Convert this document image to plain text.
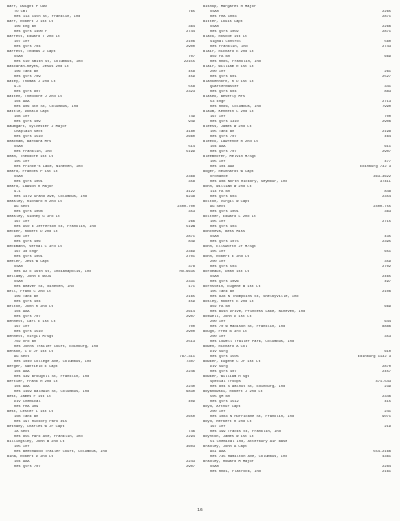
Barr, Dwight P CWO
TO Cml	765
Res 113 14th St, Franklin, Ind
Barr, Robert J 1st Lt
106 Eng Bn	364
Res Qtrs 1400 F	2744
Barrett, Edward T 2nd Lt
107 Inf	2106
Res Qtrs 704	2900
Barrett, Thomas J Capt
USAR	707
Res 510 Smith St, Columbus, Ind	22155
Bascaran-Reyes, Jesus 2nd Lt
106 Tank Bn	458
Res Qtrs 709	459
Batey, Thomas J 2nd Lt
G-3	558
Res Qtrs 807	2323
Batten, Theodore J 2nd Lt
104 AAA
Res 906 4th St, Columbus, Ind
Battle, Donald Capt
108 Inf	749
Res Qtrs 409	949
Baumgart, Sylvester J Major
Chaplain Sect	3180
Res Qtrs 1510	2660
Beacham, Barbara Mrs
USAR	514
Res Franklin, Ind	5199
Bean, Theodore 1st Lt
105 Inf
Res Prince's Lake, Nineveh, Ind
Beard, Frances P 1st Lt
USAR	2368
Res Qtrs 1001	358
Beard, Lawson R Major
G-1	3122
Res 1479 Grand Ave, Columbus, Ind	6238
Beasley, Richard H 2nd Lt
AG Sect	2400-700
Res Qtrs 1008	353
Beasley, Sidney G 3rd Lt
167 Inf	266
Res 950 E Jefferson St, Franklin, Ind	519W
Becker, Robert D 2nd Lt
106 Inf	2871
Res Qtrs 406	849
Beckmann, Vernal C 3rd Lt
167 3d Engr	2369
Res Qtrs 1001	2701
Beeler, Jess W Capt
USAR	378
Res 92 E 16th St, Indianapolis, Ind	HU-6635
Bellamy, John E WOJG
USAR	2331
Res Beaver St, Nineveh, Ind	171
Bell, Frank C 2nd Lt
106 Tank Bn	2165
Res Qtrs 404	459
Belton, John R 2nd Lt
104 AAA	2614
Res Qtrs 707	2907
Bennett, Carl E 1st Lt
167 Inf	700
Res Qtrs 1510	2900
Bennett, Virgil M/Sgt
702 Ord Bn	2513
Res Johns Trailer Court, Edinburg, Ind
Benson, C D Jr 1st Lt
AG Sect	787-311
Res 1040 College Ave, Columbus, Ind	7307
Berger, Sanfield E Capt
104 AAA	2246
Res 439 Broughll St, Franklin, Ind
Bertier, Frank H 2nd Lt
104 AAA	2240
Res 1469 Baldwin St, Columbus, Ind	6830
Best, James F 1st Lt
Div Chemical	409
Res FHA 309
Best, Lester L 1st Lt
108 Tank Bn	2650
Res 197 Hickory Park #15
Bethany, Charles W Jr Capt
IA Sect	746
Res 855 Park Ave, Franklin, Ind	2294
Billingsley, John W 2nd Lt
105 Inf	3603
Res Beechwood Trailer Court, Columbus, Ind
Bina, Robert D 2nd Lt
104 AAA	2243
Res Qtrs 707	2907
Bishop, Margaret H Major
USAR	2265
Res FHA 1003	2871
Bitter, Louis Capt
USAR	2266
Res Qtrs 1002	2871
Black, Roscoe 1st Lt
Signal Control	560
Res Franklin, Ind	2743
Blair, Richard E 2nd Lt
802 FA Bn	669
Res RR#5, Franklin, Ind
Blair, William R 1st Lt
200 Inf	261
Res Qtrs 601	2527
Blankenhorn, R D 1st Lt
Quartermaster	341
Res Qtrs 604	883
Blasek, Beverly Mrs
53 Engr	2713
Res RR#6, Columbus, Ind	7990
Blaum, Kenneth L 2nd Lt
167 Inf	700
Res Qtrs 1310	2906
Bleess, James W 2nd Lt
105 Tank Bn	2198
Res Qtrs 707	464
Bleeck, Lawrence R 2nd Lt
104 AAA	611
Res Qtrs 707	2907
Bleemhofer, Melvin M/Sgt
105 Inf	477
Res 104 AAA	Edinburg 73J 3
Boger, Reinhardt W Capt
Ordnance	363-3622
Res 908 North Hickory, Seymour, Ind	3741L
Bohn, William W 2nd Lt
114 FA Bn	848
Res Qtrs 603	2354
Bolton, Virgil W Capt
AG Sect	2400-755
Res Qtrs 1001	363
Boltner, Edward L 2nd Lt
105 Inf	2715
Res Qtrs 403
Boncheva, Bess Miss
USAR	435
Res Qtrs 1075	2395
Bonn, Ellsworth Jr M/Sgt
105 Inf	651
Bonn, Robert E 2nd Lt
200 Inf	359
Res Qtrs 503	2702
Bordeaux, Dean 1st Lt
USAR	2465
Res Qtrs 1096	497
Bornstein, Eugene W 1st Lt
105 Tank Bn	2106
Res 828 N Thompkins St, Shelbyville, Ind
Bosley, Robert E 2nd Lt
802 FA Bn	669
Res Bush Drive, Princess Lake, Nineveh, Ind
Boswell, John D 1st Lt
200 Inf	644
Res 70 W Madison St, Franklin, Ind	8886
Bough, Fred B 3rd Lt
200 Inf	353
Res Lowell Trailer Park, Columbus, Ind
Bowen, Richard A Col
Div Surg	610
Res Qtrs 1505	Edinburg 113J 3
Bowker, Eugene C Jr 1st Lt
Div Surg	2870
Res Qtrs 407	2457
Bowker, William H Sgt
Special Troops	471-543
Res 804 S Walnut St, Edinburg, Ind	239
Boyanowski, Robert J 2nd Lt
505 QM Bn	2346
Res Qtrs 1512	415
Boyd, Arthur Capt
200 Inf	241
Res 1084 N Hurricane St, Franklin, Ind	9071
Boyd, Herbert R 2nd Lt
167 Inf	219
Res 199 Tracks St, Franklin, Ind
Boynton, James W 1st Lt
51 Chemical Ind, Atterbury Air Base
Bradley, John A Capt
ASI AAA	554-2166
Res 735 Hamilton Ave, Columbus, Ind	4361
Bradley, Howard M Major
USAR	2284
Res RR#1, Flatrock, Ind	2161
16
